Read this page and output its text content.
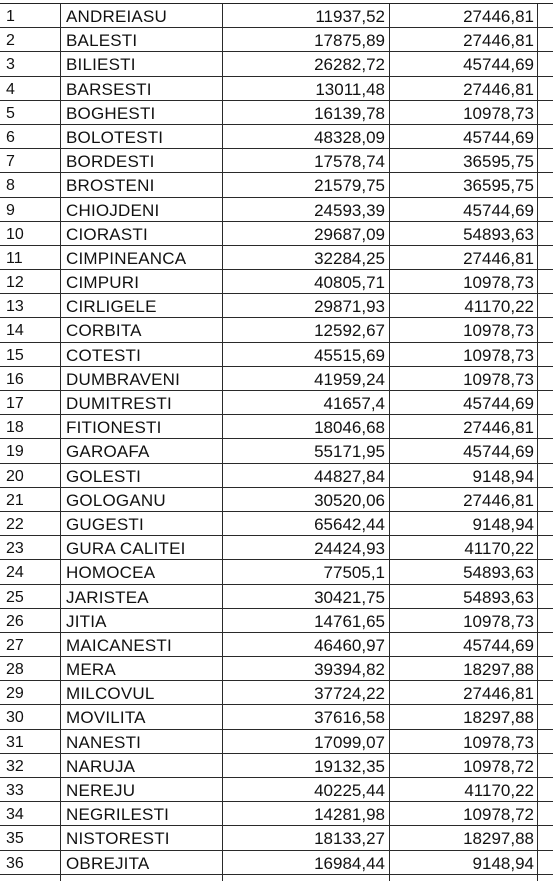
1	ANDREIASU	11937,52	27446,81
2	BALESTI	17875,89	27446,81
3	BILIESTI	26282,72	45744,69
4	BARSESTI	13011,48	27446,81
5	BOGHESTI	16139,78	10978,73
6	BOLOTESTI	48328,09	45744,69
7	BORDESTI	17578,74	36595,75
8	BROSTENI	21579,75	36595,75
9	CHIOJDENI	24593,39	45744,69
10	CIORASTI	29687,09	54893,63
11	CIMPINEANCA	32284,25	27446,81
12	CIMPURI	40805,71	10978,73
13	CIRLIGELE	29871,93	41170,22
14	CORBITA	12592,67	10978,73
15	COTESTI	45515,69	10978,73
16	DUMBRAVENI	41959,24	10978,73
17	DUMITRESTI	41657,4	45744,69
18	FITIONESTI	18046,68	27446,81
19	GAROAFA	55171,95	45744,69
20	GOLESTI	44827,84	9148,94
21	GOLOGANU	30520,06	27446,81
22	GUGESTI	65642,44	9148,94
23	GURA CALITEI	24424,93	41170,22
24	HOMOCEA	77505,1	54893,63
25	JARISTEA	30421,75	54893,63
26	JITIA	14761,65	10978,73
27	MAICANESTI	46460,97	45744,69
28	MERA	39394,82	18297,88
29	MILCOVUL	37724,22	27446,81
30	MOVILITA	37616,58	18297,88
31	NANESTI	17099,07	10978,73
32	NARUJA	19132,35	10978,72
33	NEREJU	40225,44	41170,22
34	NEGRILESTI	14281,98	10978,72
35	NISTORESTI	18133,27	18297,88
36	OBREJITA	16984,44	9148,94
